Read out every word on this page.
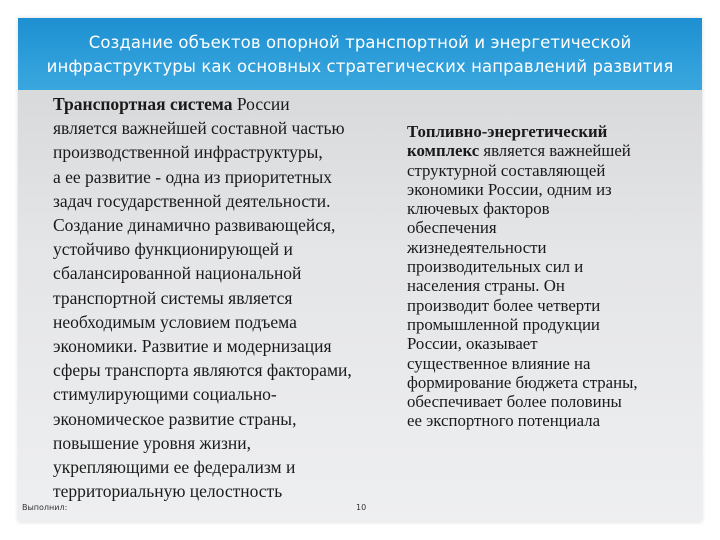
Создание объектов опорной транспортной и энергетической
инфраструктуры как основных стратегических направлений развития

Транспортная система России

является важнейшей составной частью

производственной инфраструктуры,

а ее развитие - одна из приоритетных

задач государственной деятельности.

Создание динамично развивающейся,

устойчиво функционирующей и

сбалансированной национальной

транспортной системы является

необходимым условием подъема

экономики. Развитие и модернизация

сферы транспорта являются факторами,

стимулирующими социально-

экономическое развитие страны,

повышение уровня жизни,

укрепляющими ее федерализм и

территориальную целостность

Топливно-энергетический

комплекс является важнейшей

структурной составляющей

экономики России, одним из

ключевых факторов

обеспечения

жизнедеятельности

производительных сил и

населения страны. Он

производит более четверти

промышленной продукции

России, оказывает

существенное влияние на

формирование бюджета страны,

обеспечивает более половины

ее экспортного потенциала

Выполнил:	10
